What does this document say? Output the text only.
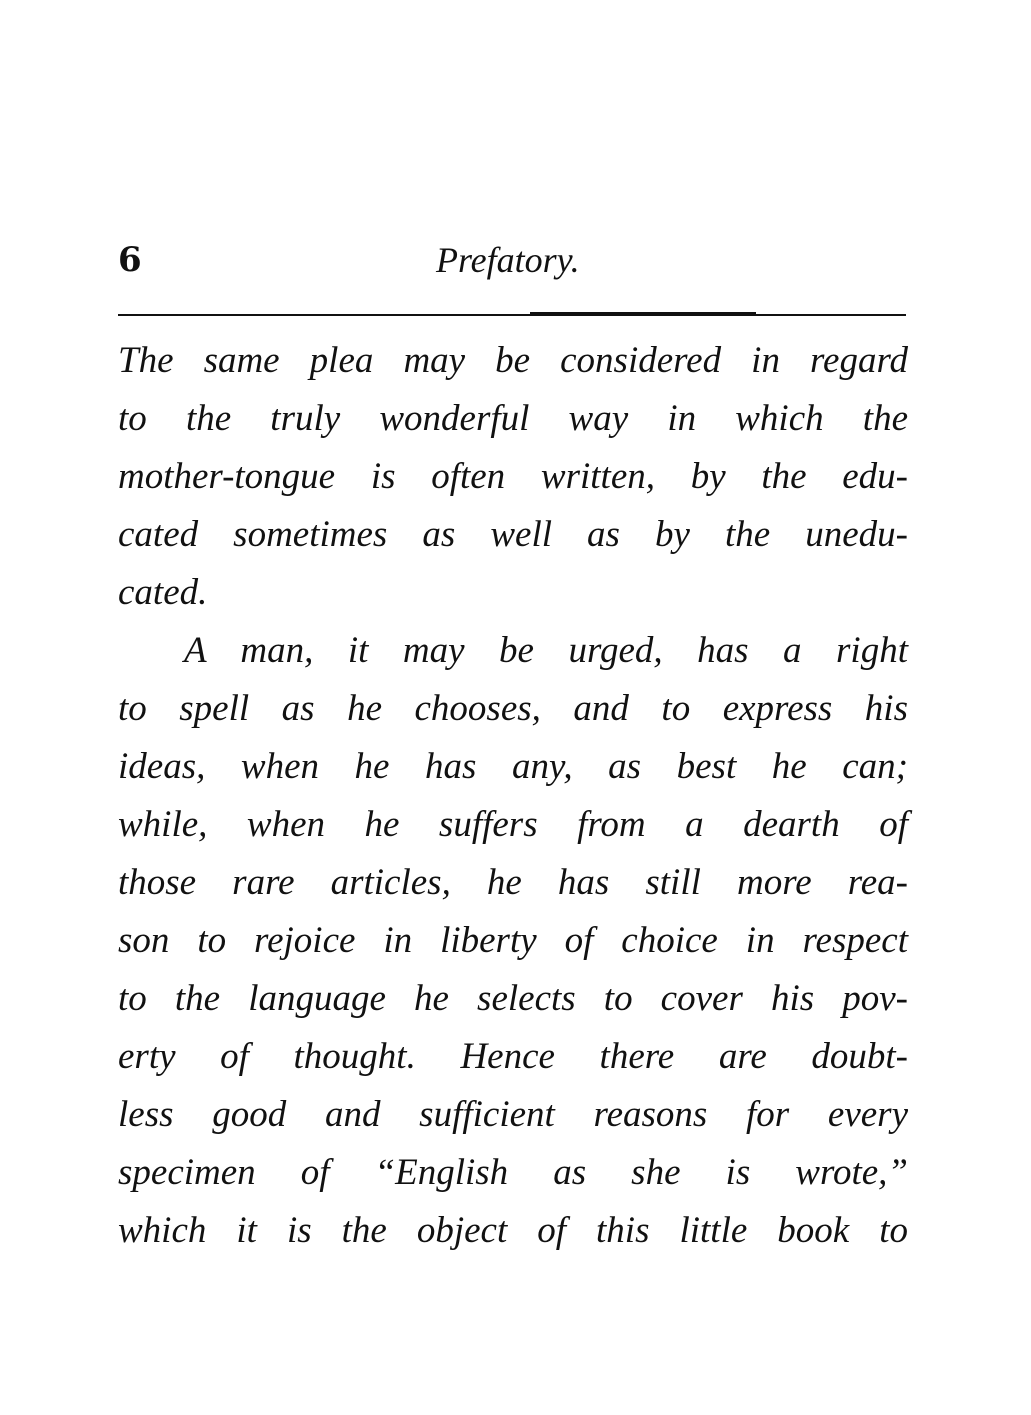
6	Prefatory.
The same plea may be considered in regard
to the truly wonderful way in which the
mother-tongue is often written, by the edu-
cated sometimes as well as by the unedu-
cated.
A man, it may be urged, has a right
to spell as he chooses, and to express his
ideas, when he has any, as best he can;
while, when he suffers from a dearth of
those rare articles, he has still more rea-
son to rejoice in liberty of choice in respect
to the language he selects to cover his pov-
erty of thought. Hence there are doubt-
less good and sufficient reasons for every
specimen of “English as she is wrote,”
which it is the object of this little book to
